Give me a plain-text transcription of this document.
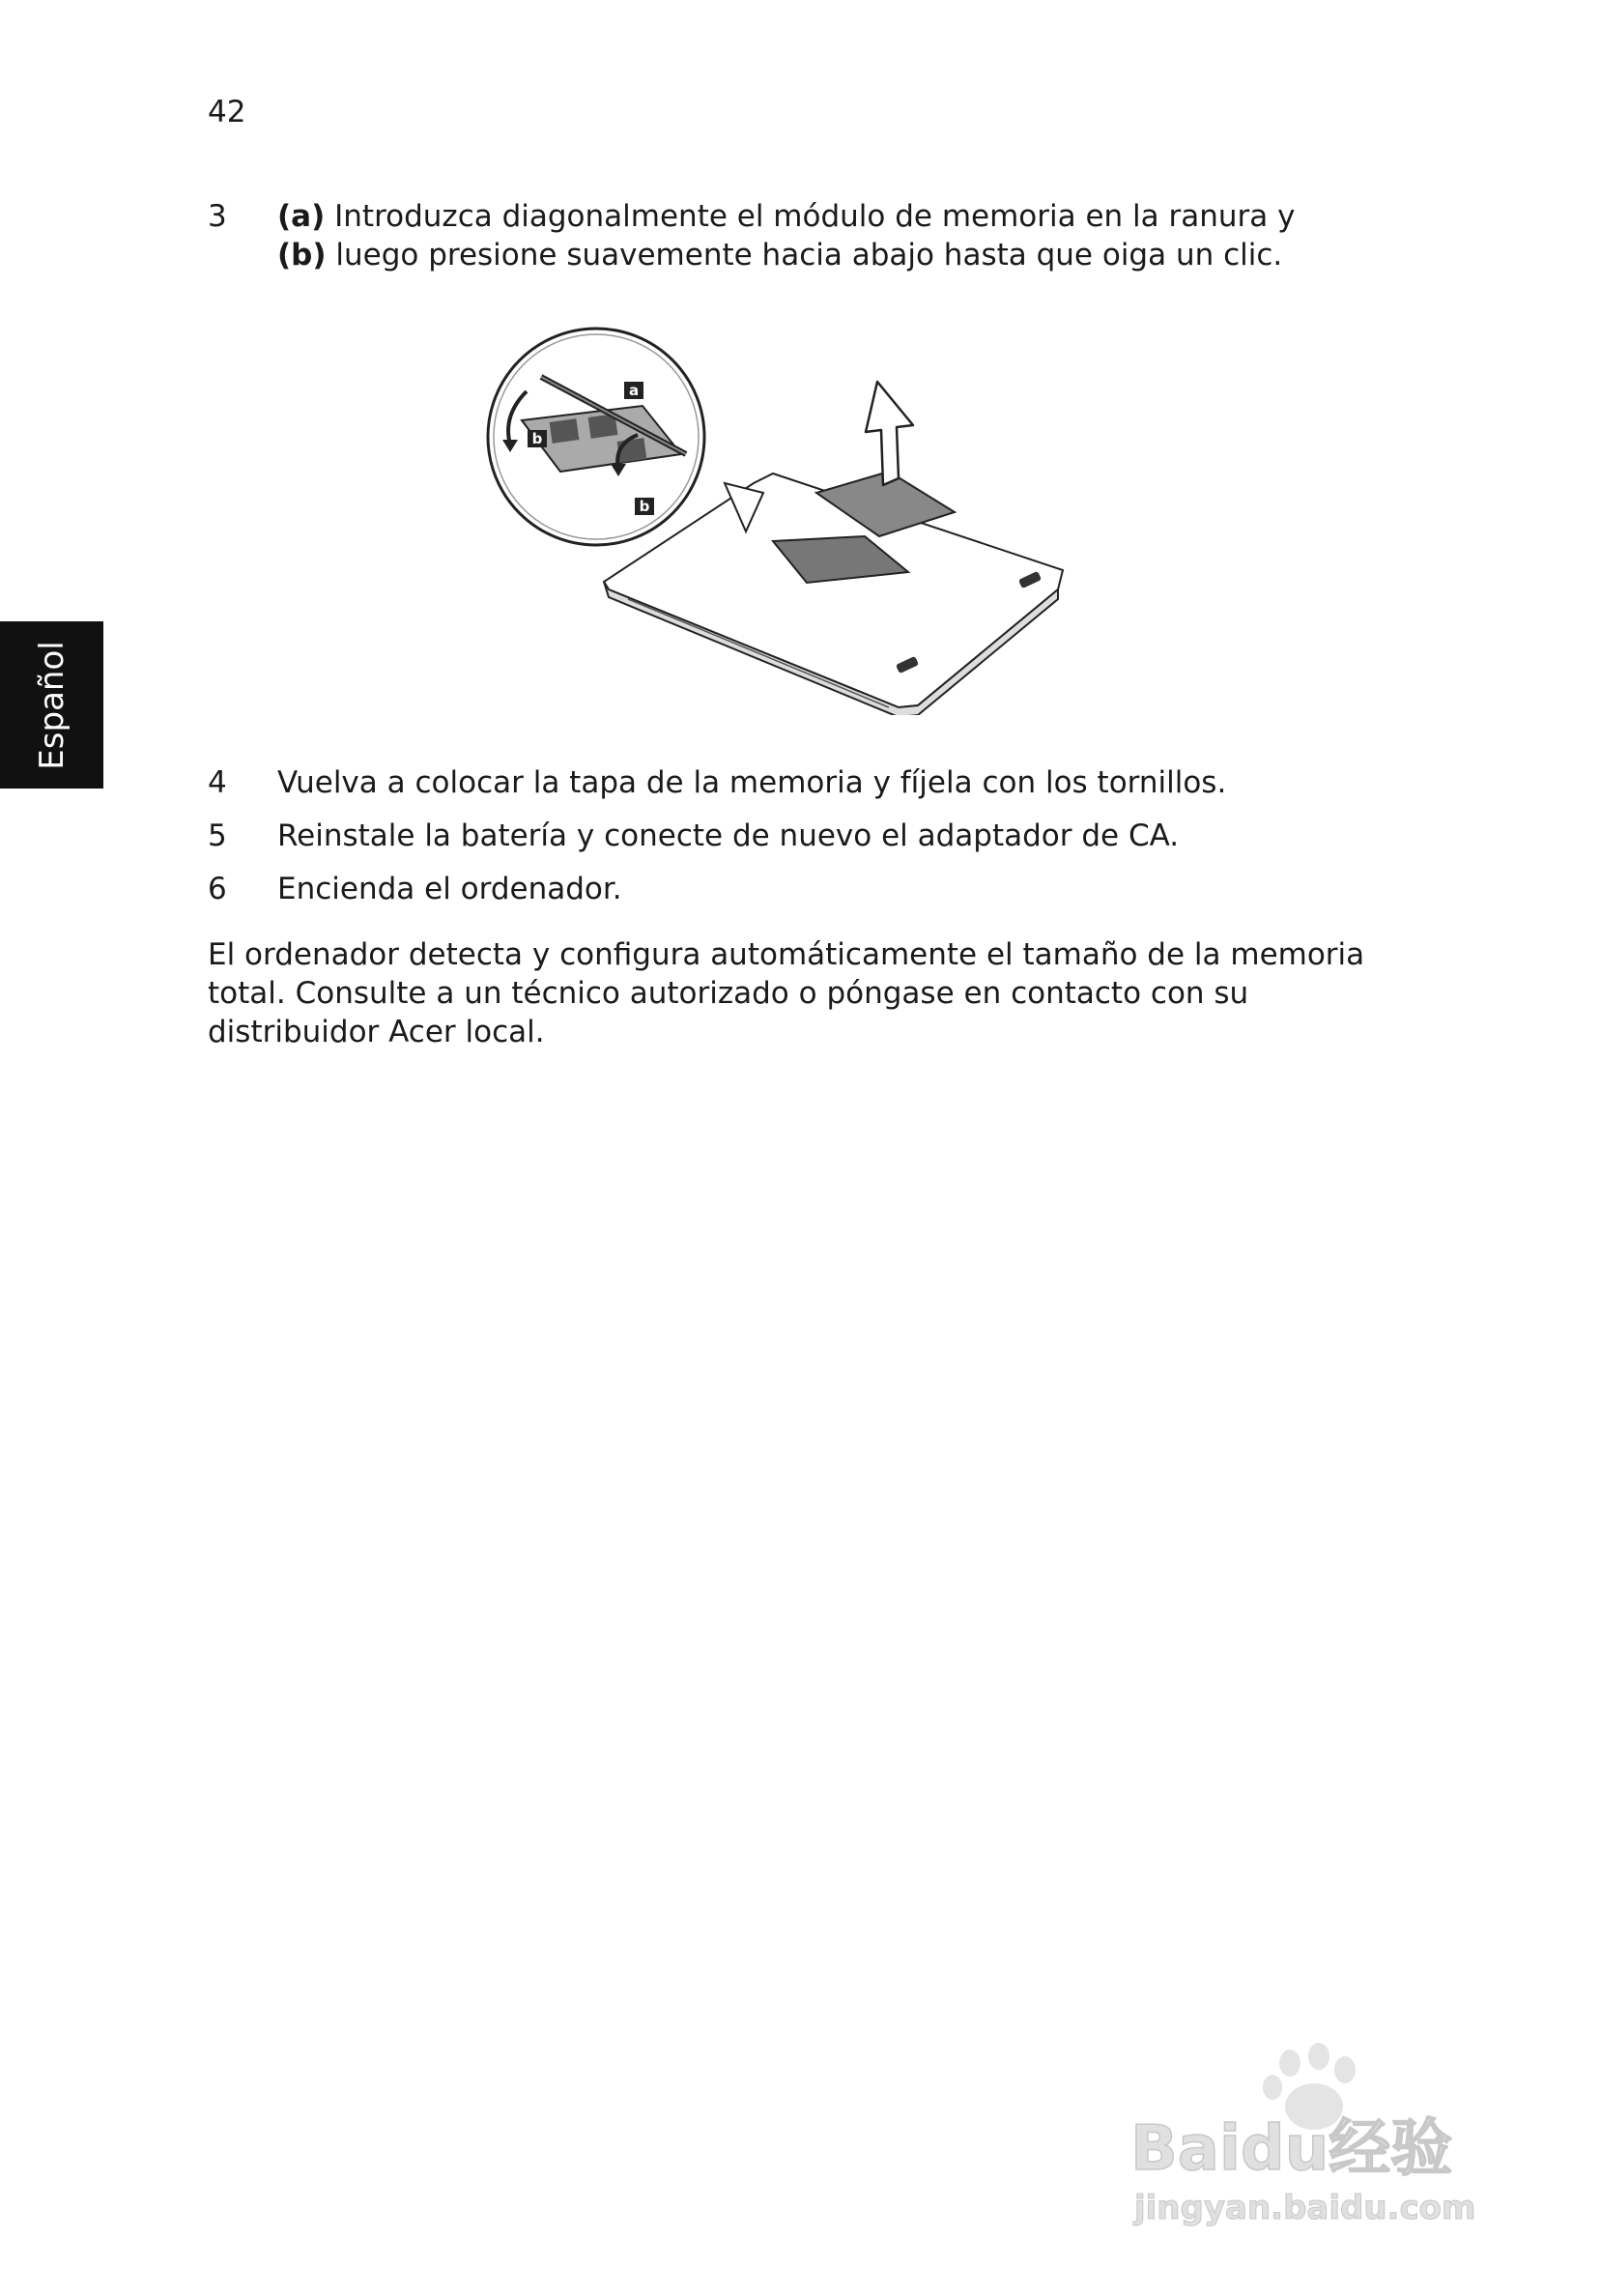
42
Español
3 (a) Introduzca diagonalmente el módulo de memoria en la ranura y
(b) luego presione suavemente hacia abajo hasta que oiga un clic.
a
b
b
4 Vuelva a colocar la tapa de la memoria y fíjela con los tornillos.
5 Reinstale la batería y conecte de nuevo el adaptador de CA.
6 Encienda el ordenador.
El ordenador detecta y configura automáticamente el tamaño de la memoria
total. Consulte a un técnico autorizado o póngase en contacto con su
distribuidor Acer local.
Baidu经验
jingyan.baidu.com
